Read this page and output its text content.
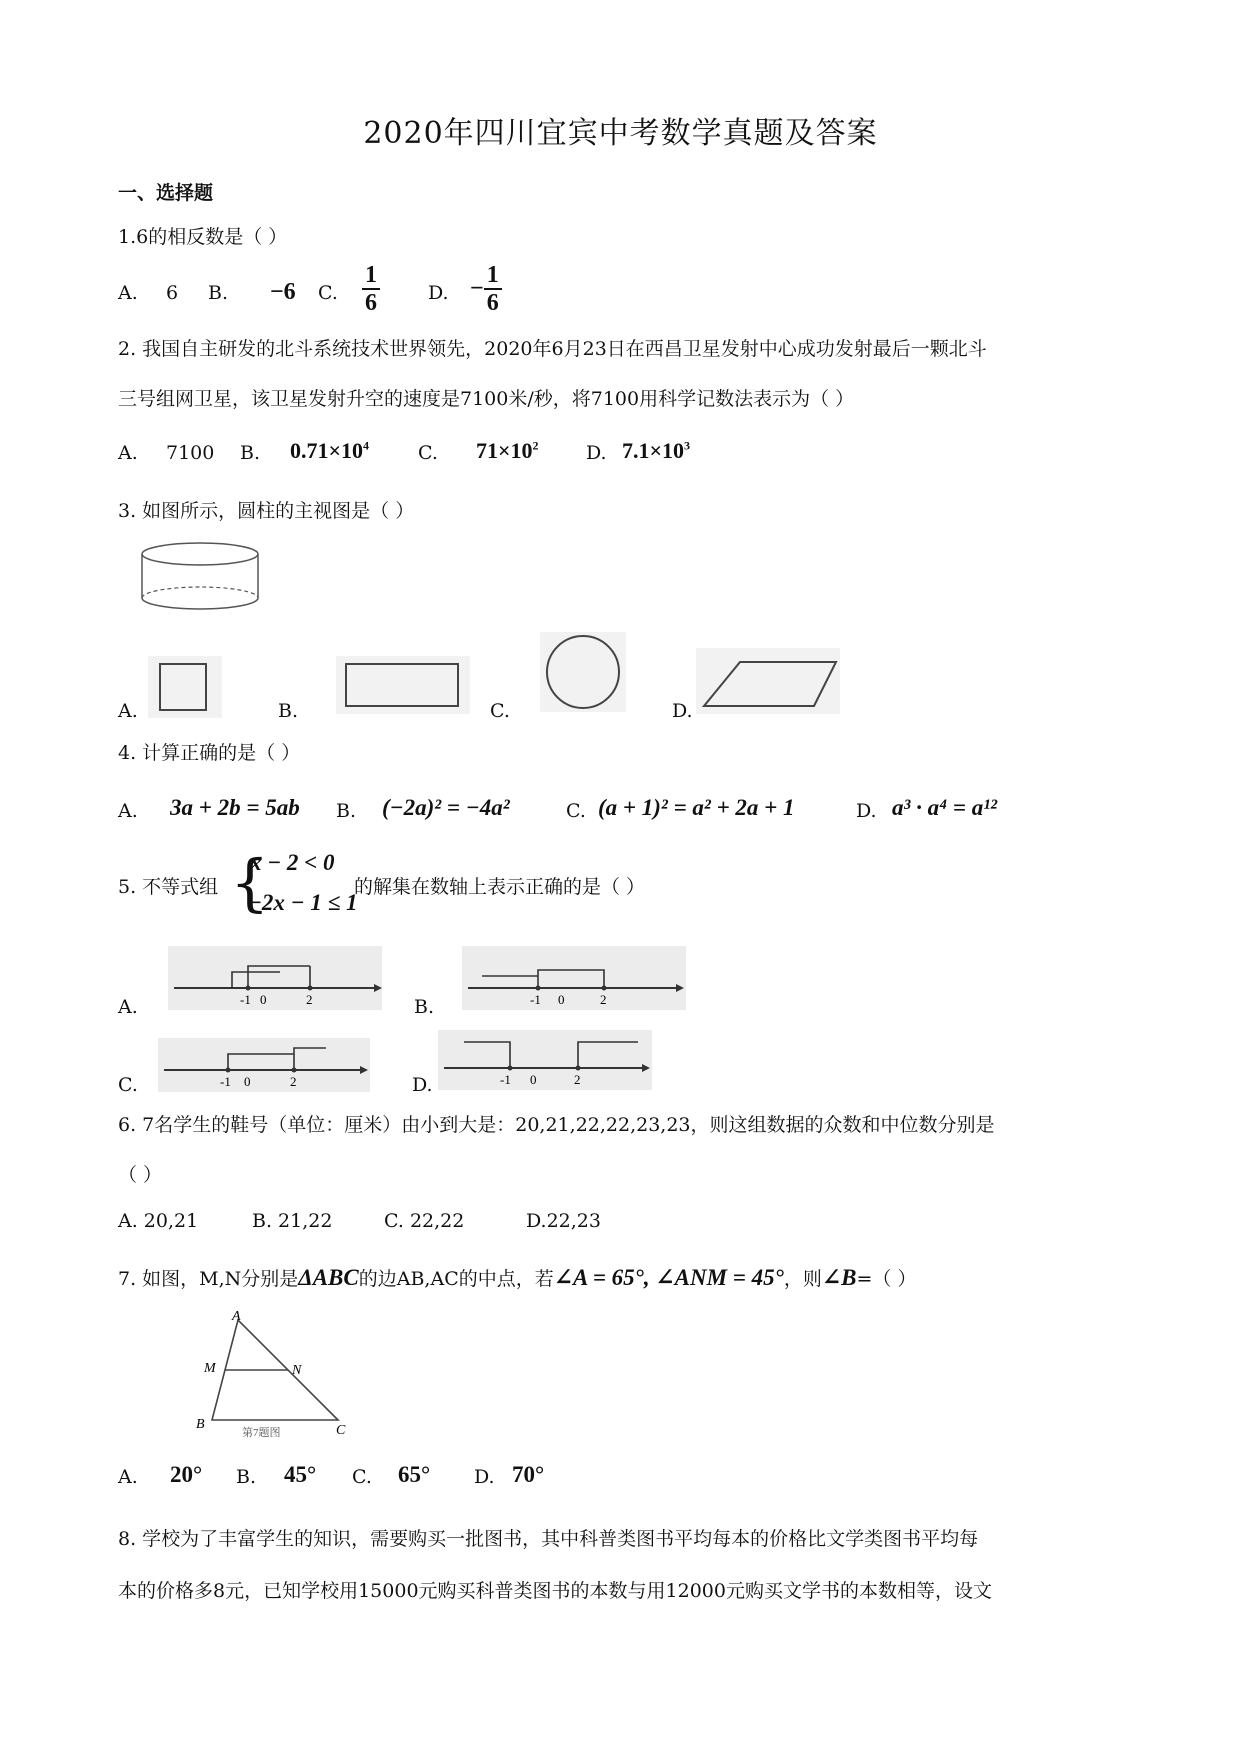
2020年四川宜宾中考数学真题及答案
一、选择题
1.6的相反数是（ ）
A. 6 B. −6 C. $\frac{1}{6}$	D. − $\frac{1}{6}$
2. 我国自主研发的北斗系统技术世界领先，2020年6月23日在西昌卫星发射中心成功发射最后一颗北斗
三号组网卫星，该卫星发射升空的速度是7100米/秒，将7100用科学记数法表示为（ ）
A. 7100 B. $0.71\times 10^4$	C. $71\times 10^2$ D. $7.1\times 10^3$
3. 如图所示，圆柱的主视图是（ ）
A.	B.	C.	D.
4. 计算正确的是（ ）
A. 3a + 2b = 5ab B. (−2a)² = −4a²	C. (a + 1)² = a² + 2a + 1	D. a³ · a⁴ = a¹²
5. 不等式组 {
x − 2 < 0
−2x − 1 ≤ 1
的解集在数轴上表示正确的是（ ）
A.	-1 0	2	B.	-1 0	2
C.	-1 0	2	D.	-1 0	2
6. 7名学生的鞋号（单位：厘米）由小到大是：20,21,22,22,23,23，则这组数据的众数和中位数分别是
（ ）
A. 20,21	B. 21,22	C. 22,22	D.22,23
7. 如图，M,N分别是ΔABC的边AB,AC的中点，若∠A = 65°, ∠ANM = 45°，则∠B=（ ）
A
M	N
B	C
第7题图
A. 20° B. 45° C. 65° D. 70°
8. 学校为了丰富学生的知识，需要购买一批图书，其中科普类图书平均每本的价格比文学类图书平均每
本的价格多8元，已知学校用15000元购买科普类图书的本数与用12000元购买文学书的本数相等，设文
